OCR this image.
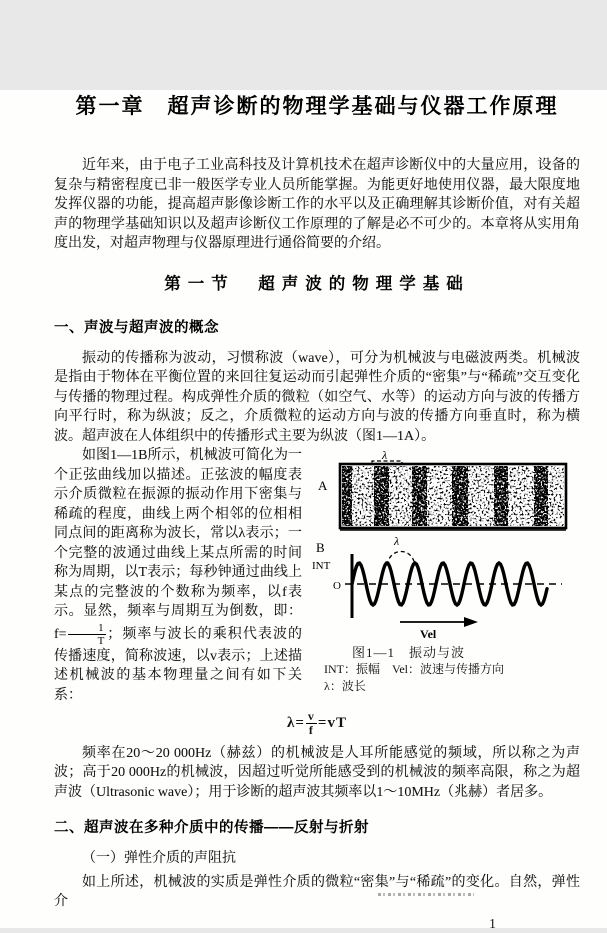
第一章　超声诊断的物理学基础与仪器工作原理

近年来，由于电子工业高科技及计算机技术在超声诊断仪中的大量应用，设备的复杂与精密程度已非一般医学专业人员所能掌握。为能更好地使用仪器，最大限度地发挥仪器的功能，提高超声影像诊断工作的水平以及正确理解其诊断价值，对有关超声的物理学基础知识以及超声诊断仪工作原理的了解是必不可少的。本章将从实用角度出发，对超声物理与仪器原理进行通俗简要的介绍。

第一节　超声波的物理学基础
一、声波与超声波的概念

振动的传播称为波动，习惯称波（wave），可分为机械波与电磁波两类。机械波是指由于物体在平衡位置的来回往复运动而引起弹性介质的“密集”与“稀疏”交互变化与传播的物理过程。构成弹性介质的微粒（如空气、水等）的运动方向与波的传播方向平行时，称为纵波；反之，介质微粒的运动方向与波的传播方向垂直时，称为横波。超声波在人体组织中的传播形式主要为纵波（图1—1A）。

A
λ
B
INT
O
λ
Vel
图1—1　振动与波
INT：振幅　Vel：波速与传播方向
λ：波长

如图1—1B所示，机械波可简化为一个正弦曲线加以描述。正弦波的幅度表示介质微粒在振源的振动作用下密集与稀疏的程度，曲线上两个相邻的位相相同点间的距离称为波长，常以λ表示；一个完整的波通过曲线上某点所需的时间称为周期，以T表示；每秒钟通过曲线上某点的完整波的个数称为频率，以f表示。显然，频率与周期互为倒数，即：$f= \frac{1}{T}$ ；频率与波长的乘积代表波的传播速度，简称波速，以v表示；上述描述机械波的基本物理量之间有如下关系：

$\lambda= \frac{v}{f} =vT$

频率在20～20 000Hz（赫兹）的机械波是人耳所能感觉的频域，所以称之为声波；高于20 000Hz的机械波，因超过听觉所能感受到的机械波的频率高限，称之为超声波（Ultrasonic wave）；用于诊断的超声波其频率以1～10MHz（兆赫）者居多。

二、超声波在多种介质中的传播——反射与折射

（一）弹性介质的声阻抗

如上所述，机械波的实质是弹性介质的微粒“密集”与“稀疏”的变化。自然，弹性介

1
